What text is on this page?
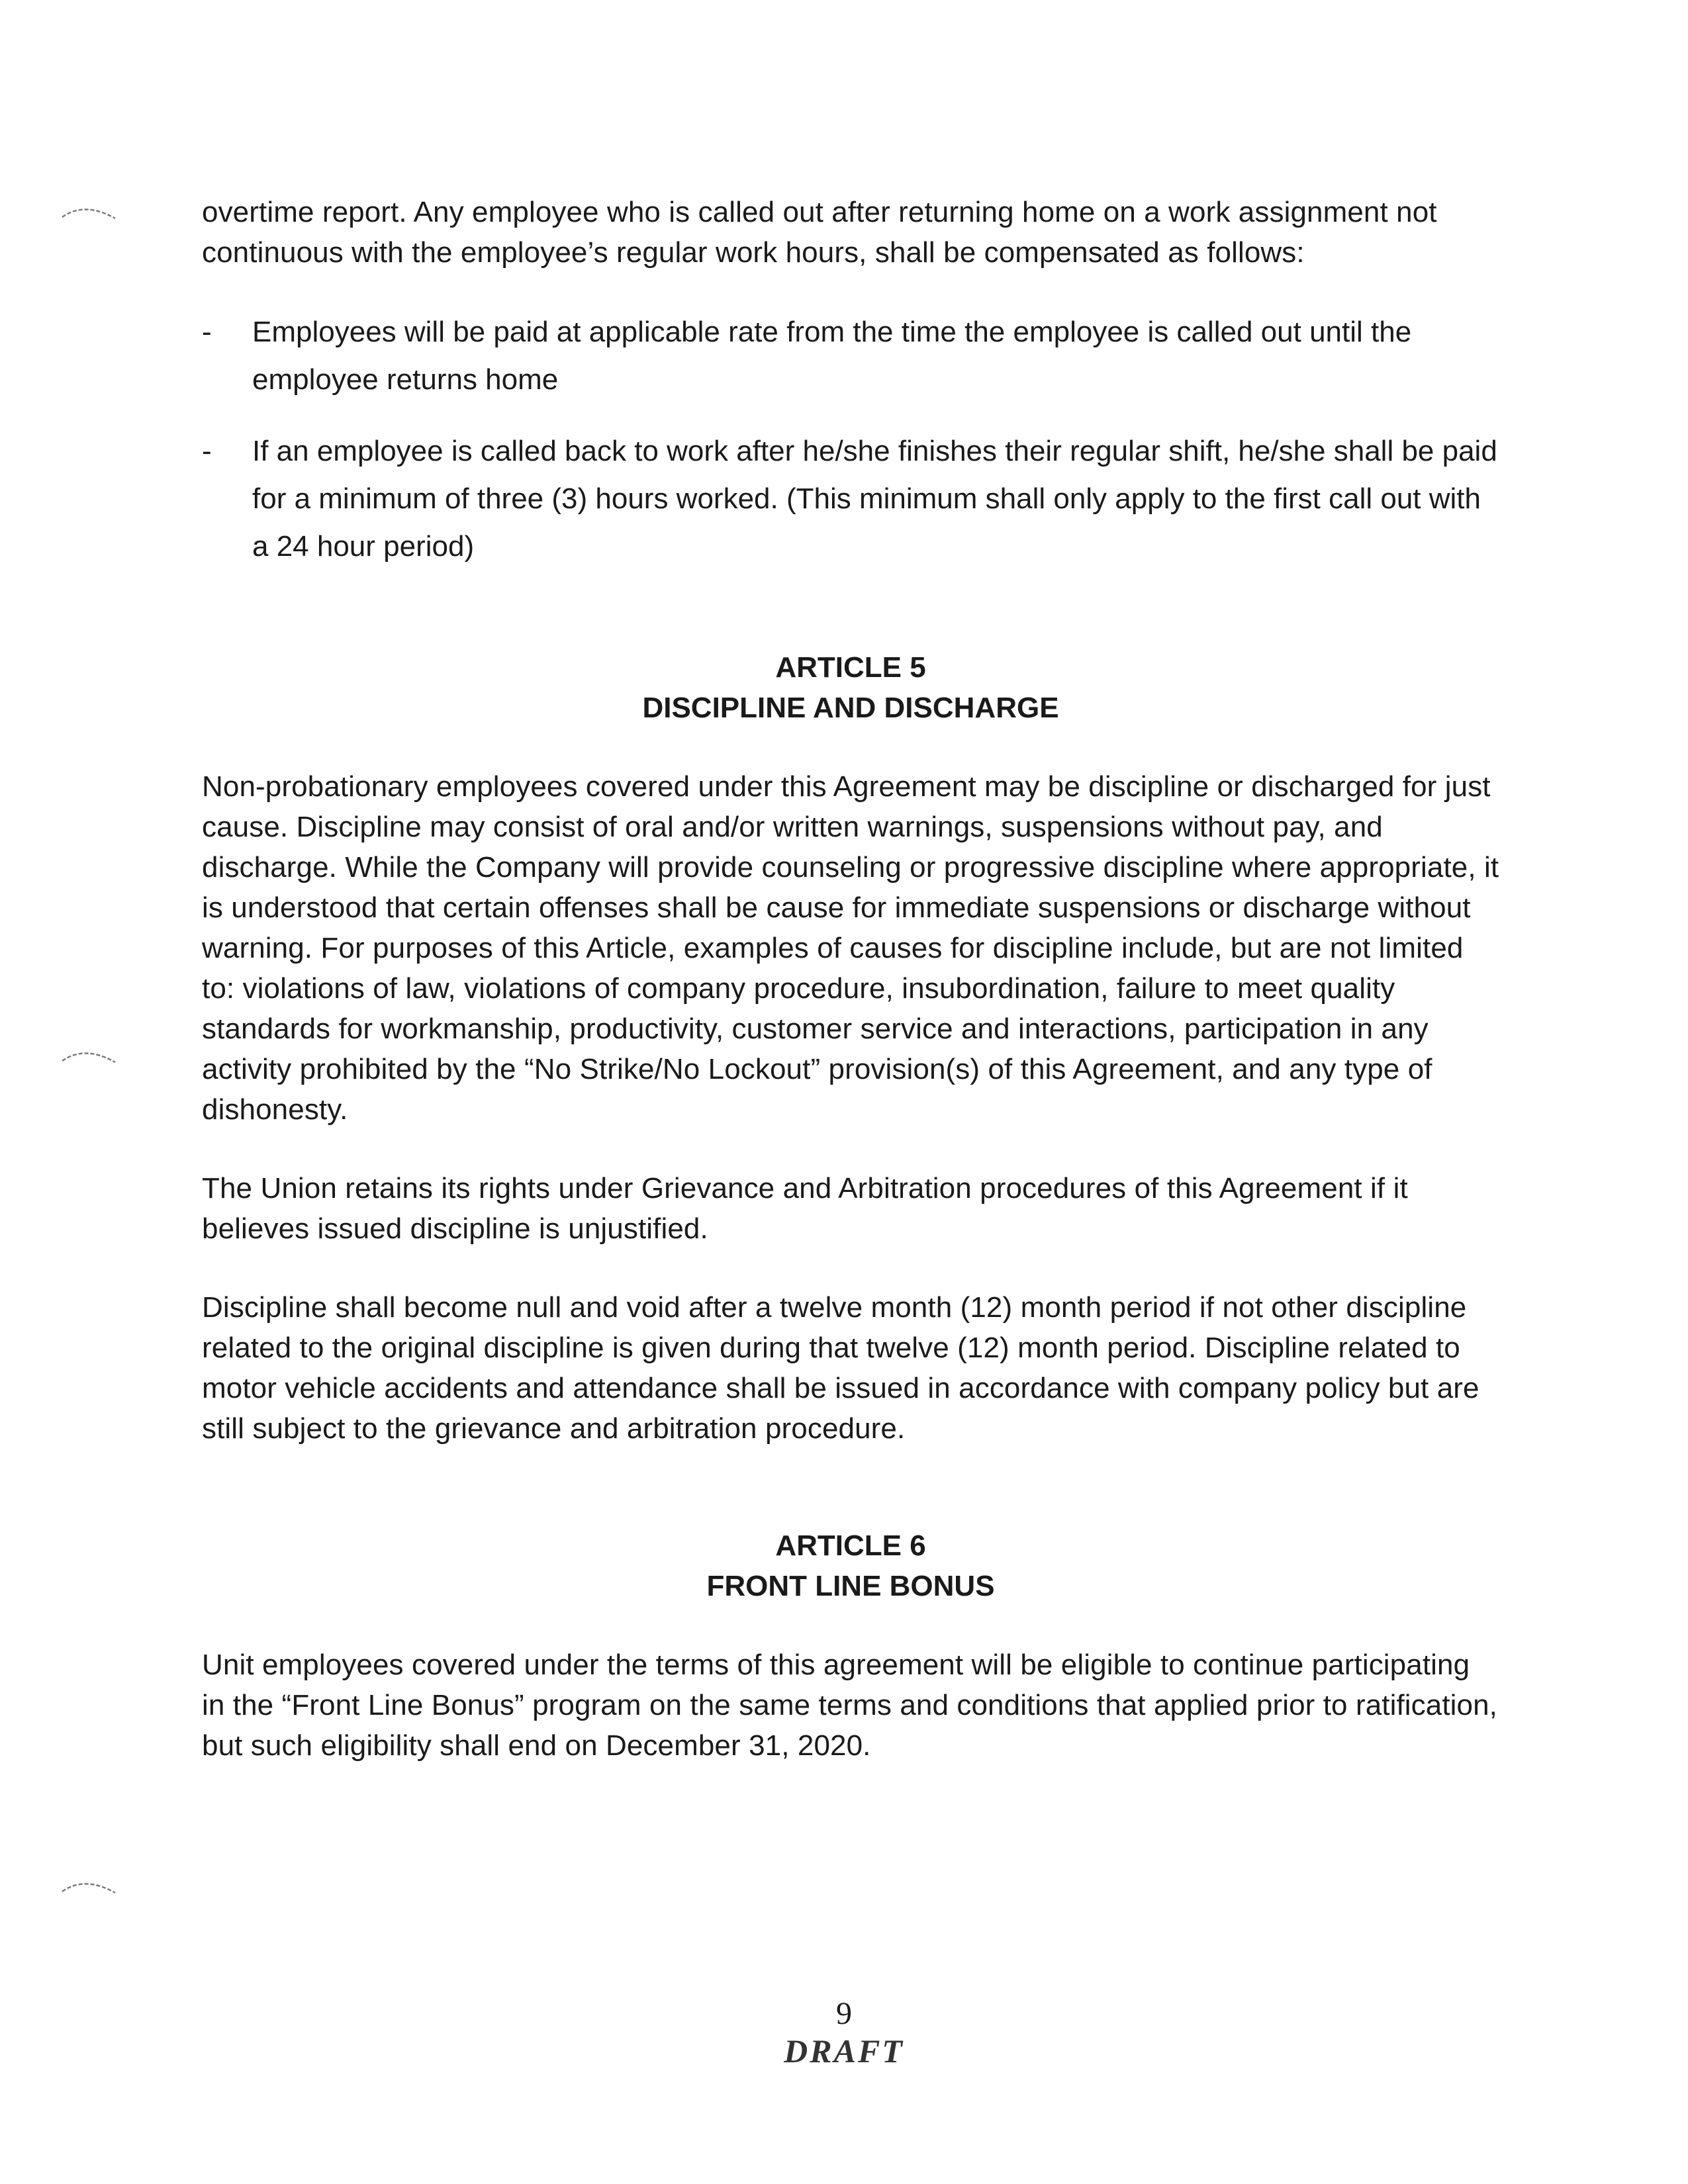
overtime report. Any employee who is called out after returning home on a work assignment not continuous with the employee’s regular work hours, shall be compensated as follows:

- Employees will be paid at applicable rate from the time the employee is called out until the employee returns home
- If an employee is called back to work after he/she finishes their regular shift, he/she shall be paid for a minimum of three (3) hours worked. (This minimum shall only apply to the first call out with a 24 hour period)
ARTICLE 5
DISCIPLINE AND DISCHARGE

Non-probationary employees covered under this Agreement may be discipline or discharged for just cause. Discipline may consist of oral and/or written warnings, suspensions without pay, and discharge. While the Company will provide counseling or progressive discipline where appropriate, it is understood that certain offenses shall be cause for immediate suspensions or discharge without warning. For purposes of this Article, examples of causes for discipline include, but are not limited to: violations of law, violations of company procedure, insubordination, failure to meet quality standards for workmanship, productivity, customer service and interactions, participation in any activity prohibited by the “No Strike/No Lockout” provision(s) of this Agreement, and any type of dishonesty.

The Union retains its rights under Grievance and Arbitration procedures of this Agreement if it believes issued discipline is unjustified.

Discipline shall become null and void after a twelve month (12) month period if not other discipline related to the original discipline is given during that twelve (12) month period. Discipline related to motor vehicle accidents and attendance shall be issued in accordance with company policy but are still subject to the grievance and arbitration procedure.

ARTICLE 6
FRONT LINE BONUS

Unit employees covered under the terms of this agreement will be eligible to continue participating in the “Front Line Bonus” program on the same terms and conditions that applied prior to ratification, but such eligibility shall end on December 31, 2020.

9
DRAFT
